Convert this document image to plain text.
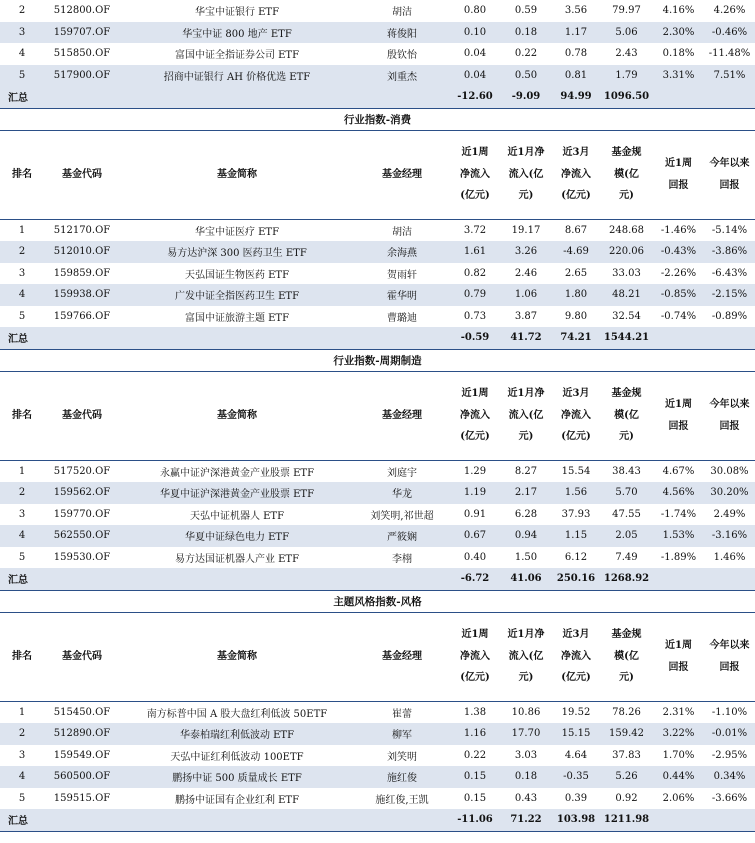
2	512800.OF	华宝中证银行 ETF	胡洁	0.80	0.59	3.56	79.97	4.16%	4.26%
3	159707.OF	华宝中证 800 地产 ETF	蒋俊阳	0.10	0.18	1.17	5.06	2.30%	-0.46%
4	515850.OF	富国中证全指证券公司 ETF	殷钦怡	0.04	0.22	0.78	2.43	0.18%	-11.48%
5	517900.OF	招商中证银行 AH 价格优选 ETF	刘重杰	0.04	0.50	0.81	1.79	3.31%	7.51%
汇总				-12.60	-9.09	94.99	1096.50		
行业指数-消费									
排名	基金代码	基金简称	基金经理	近1周净流入(亿元)	近1月净流入(亿元)	近3月净流入(亿元)	基金规模(亿元)	近1周回报	今年以来回报
1	512170.OF	华宝中证医疗 ETF	胡洁	3.72	19.17	8.67	248.68	-1.46%	-5.14%
2	512010.OF	易方达沪深 300 医药卫生 ETF	余海燕	1.61	3.26	-4.69	220.06	-0.43%	-3.86%
3	159859.OF	天弘国证生物医药 ETF	贺雨轩	0.82	2.46	2.65	33.03	-2.26%	-6.43%
4	159938.OF	广发中证全指医药卫生 ETF	霍华明	0.79	1.06	1.80	48.21	-0.85%	-2.15%
5	159766.OF	富国中证旅游主题 ETF	曹璐迪	0.73	3.87	9.80	32.54	-0.74%	-0.89%
汇总				-0.59	41.72	74.21	1544.21		
行业指数-周期制造									
排名	基金代码	基金简称	基金经理	近1周净流入(亿元)	近1月净流入(亿元)	近3月净流入(亿元)	基金规模(亿元)	近1周回报	今年以来回报
1	517520.OF	永赢中证沪深港黄金产业股票 ETF	刘庭宇	1.29	8.27	15.54	38.43	4.67%	30.08%
2	159562.OF	华夏中证沪深港黄金产业股票 ETF	华龙	1.19	2.17	1.56	5.70	4.56%	30.20%
3	159770.OF	天弘中证机器人 ETF	刘笑明,祁世超	0.91	6.28	37.93	47.55	-1.74%	2.49%
4	562550.OF	华夏中证绿色电力 ETF	严筱娴	0.67	0.94	1.15	2.05	1.53%	-3.16%
5	159530.OF	易方达国证机器人产业 ETF	李栩	0.40	1.50	6.12	7.49	-1.89%	1.46%
汇总				-6.72	41.06	250.16	1268.92		
主题风格指数-风格									
排名	基金代码	基金简称	基金经理	近1周净流入(亿元)	近1月净流入(亿元)	近3月净流入(亿元)	基金规模(亿元)	近1周回报	今年以来回报
1	515450.OF	南方标普中国 A 股大盘红利低波 50ETF	崔蕾	1.38	10.86	19.52	78.26	2.31%	-1.10%
2	512890.OF	华泰柏瑞红利低波动 ETF	柳军	1.16	17.70	15.15	159.42	3.22%	-0.01%
3	159549.OF	天弘中证红利低波动 100ETF	刘笑明	0.22	3.03	4.64	37.83	1.70%	-2.95%
4	560500.OF	鹏扬中证 500 质量成长 ETF	施红俊	0.15	0.18	-0.35	5.26	0.44%	0.34%
5	159515.OF	鹏扬中证国有企业红利 ETF	施红俊,王凯	0.15	0.43	0.39	0.92	2.06%	-3.66%
汇总				-11.06	71.22	103.98	1211.98		
